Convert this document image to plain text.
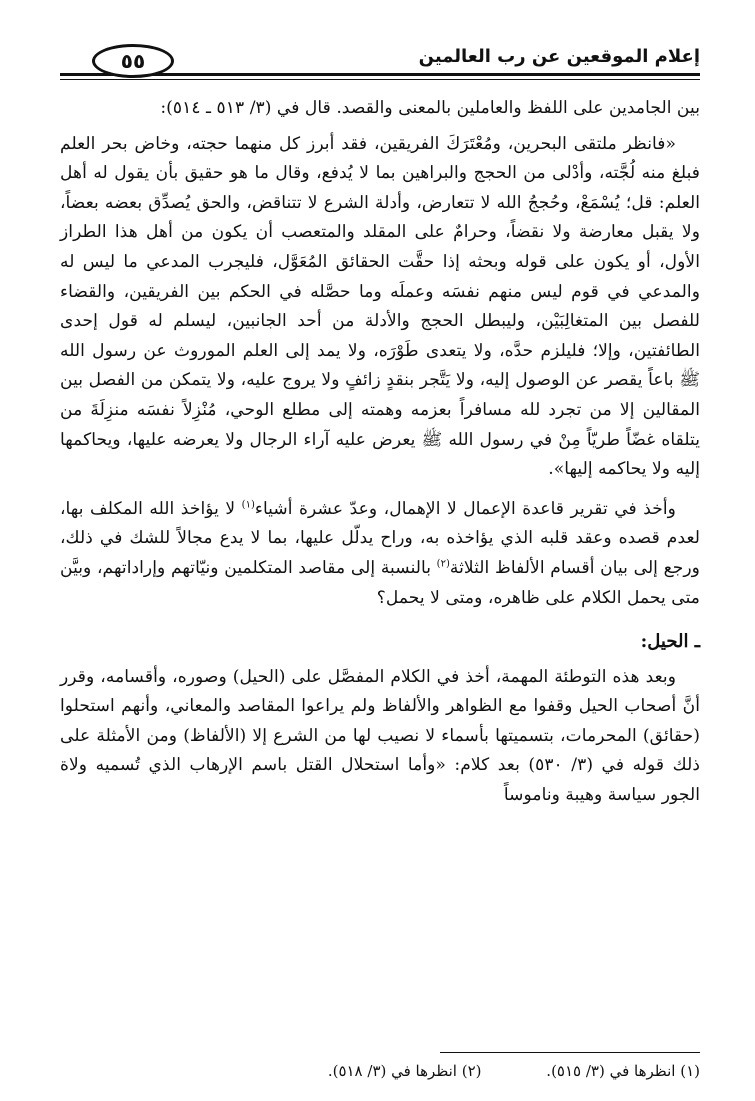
إعلام الموقعين عن رب العالمين
٥٥

بين الجامدين على اللفظ والعاملين بالمعنى والقصد. قال في (٣/ ٥١٣ ـ ٥١٤):

«فانظر ملتقى البحرين، ومُعْتَرَكَ الفريقين، فقد أبرز كل منهما حجته، وخاض بحر العلم فبلغ منه لُجَّته، وأدْلى من الحجج والبراهين بما لا يُدفع، وقال ما هو حقيق بأن يقول له أهل العلم: قل؛ يُسْمَعْ، وحُججُ الله لا تتعارض، وأدلة الشرع لا تتناقض، والحق يُصدِّق بعضه بعضاً، ولا يقبل معارضة ولا نقضاً، وحرامٌ على المقلد والمتعصب أن يكون من أهل هذا الطراز الأول، أو يكون على قوله وبحثه إذا حقَّت الحقائق المُعَوَّل، فليجرب المدعي ما ليس له والمدعي في قوم ليس منهم نفسَه وعملَه وما حصَّله في الحكم بين الفريقين، والقضاء للفصل بين المتغالِبَيْن، وليبطل الحجج والأدلة من أحد الجانبين، ليسلم له قول إحدى الطائفتين، وإلا؛ فليلزم حدَّه، ولا يتعدى طَوْرَه، ولا يمد إلى العلم الموروث عن رسول الله ﷺ باعاً يقصر عن الوصول إليه، ولا يَتَّجر بنقدٍ زائفٍ ولا يروج عليه، ولا يتمكن من الفصل بين المقالين إلا من تجرد لله مسافراً بعزمه وهمته إلى مطلع الوحي، مُنْزِلاً نفسَه منزِلَةَ من يتلقاه غضّاً طريّاً مِنْ في رسول الله ﷺ يعرض عليه آراء الرجال ولا يعرضه عليها، ويحاكمها إليه ولا يحاكمه إليها».

وأخذ في تقرير قاعدة الإعمال لا الإهمال، وعدّ عشرة أشياء$^{(١)}$ لا يؤاخذ الله المكلف بها، لعدم قصده وعقد قلبه الذي يؤاخذه به، وراح يدلّل عليها، بما لا يدع مجالاً للشك في ذلك، ورجع إلى بيان أقسام الألفاظ الثلاثة$^{(٢)}$ بالنسبة إلى مقاصد المتكلمين ونيّاتهم وإراداتهم، وبيَّن متى يحمل الكلام على ظاهره، ومتى لا يحمل؟

ـ الحيل:

وبعد هذه التوطئة المهمة، أخذ في الكلام المفصَّل على (الحيل) وصوره، وأقسامه، وقرر أنَّ أصحاب الحيل وقفوا مع الظواهر والألفاظ ولم يراعوا المقاصد والمعاني، وأنهم استحلوا (حقائق) المحرمات، بتسميتها بأسماء لا نصيب لها من الشرع إلا (الألفاظ) ومن الأمثلة على ذلك قوله في (٣/ ٥٣٠) بعد كلام: «وأما استحلال القتل باسم الإرهاب الذي تُسميه ولاة الجور سياسة وهيبة وناموساً

(١) انظرها في (٣/ ٥١٥). (٢) انظرها في (٣/ ٥١٨).
